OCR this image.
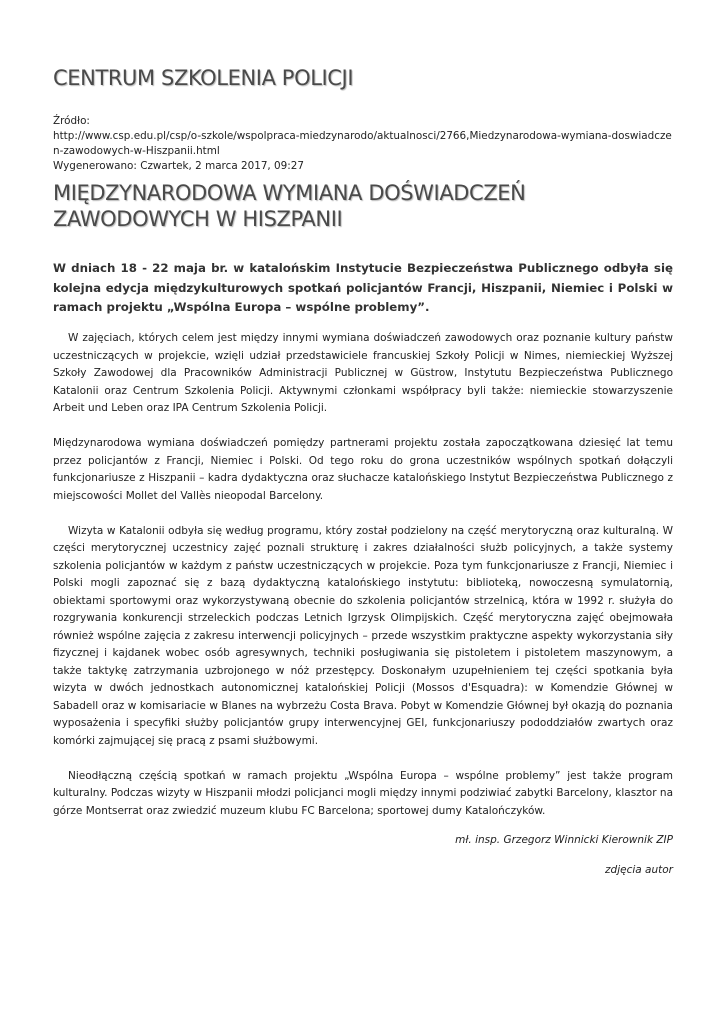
CENTRUM SZKOLENIA POLICJI
Źródło:
http://www.csp.edu.pl/csp/o-szkole/wspolpraca-miedzynarodo/aktualnosci/2766,Miedzynarodowa-wymiana-doswiadczen-zawodowych-w-Hiszpanii.html
Wygenerowano: Czwartek, 2 marca 2017, 09:27
MIĘDZYNARODOWA WYMIANA DOŚWIADCZEŃ ZAWODOWYCH W HISZPANII

W dniach 18 - 22 maja br. w katalońskim Instytucie Bezpieczeństwa Publicznego odbyła się kolejna edycja międzykulturowych spotkań policjantów Francji, Hiszpanii, Niemiec i Polski w ramach projektu „Wspólna Europa – wspólne problemy”.

W zajęciach, których celem jest między innymi wymiana doświadczeń zawodowych oraz poznanie kultury państw uczestniczących w projekcie, wzięli udział przedstawiciele francuskiej Szkoły Policji w Nimes, niemieckiej Wyższej Szkoły Zawodowej dla Pracowników Administracji Publicznej w Güstrow, Instytutu Bezpieczeństwa Publicznego Katalonii oraz Centrum Szkolenia Policji. Aktywnymi członkami współpracy byli także: niemieckie stowarzyszenie Arbeit und Leben oraz IPA Centrum Szkolenia Policji.

Międzynarodowa wymiana doświadczeń pomiędzy partnerami projektu została zapoczątkowana dziesięć lat temu przez policjantów z Francji, Niemiec i Polski. Od tego roku do grona uczestników wspólnych spotkań dołączyli funkcjonariusze z Hiszpanii – kadra dydaktyczna oraz słuchacze katalońskiego Instytut Bezpieczeństwa Publicznego z miejscowości Mollet del Vallès nieopodal Barcelony.

Wizyta w Katalonii odbyła się według programu, który został podzielony na część merytoryczną oraz kulturalną. W części merytorycznej uczestnicy zajęć poznali strukturę i zakres działalności służb policyjnych, a także systemy szkolenia policjantów w każdym z państw uczestniczących w projekcie. Poza tym funkcjonariusze z Francji, Niemiec i Polski mogli zapoznać się z bazą dydaktyczną katalońskiego instytutu: biblioteką, nowoczesną symulatornią, obiektami sportowymi oraz wykorzystywaną obecnie do szkolenia policjantów strzelnicą, która w 1992 r. służyła do rozgrywania konkurencji strzeleckich podczas Letnich Igrzysk Olimpijskich. Część merytoryczna zajęć obejmowała również wspólne zajęcia z zakresu interwencji policyjnych – przede wszystkim praktyczne aspekty wykorzystania siły fizycznej i kajdanek wobec osób agresywnych, techniki posługiwania się pistoletem i pistoletem maszynowym, a także taktykę zatrzymania uzbrojonego w nóż przestępcy. Doskonałym uzupełnieniem tej części spotkania była wizyta w dwóch jednostkach autonomicznej katalońskiej Policji (Mossos d'Esquadra): w Komendzie Głównej w Sabadell oraz w komisariacie w Blanes na wybrzeżu Costa Brava. Pobyt w Komendzie Głównej był okazją do poznania wyposażenia i specyfiki służby policjantów grupy interwencyjnej GEI, funkcjonariuszy pododdziałów zwartych oraz komórki zajmującej się pracą z psami służbowymi.

Nieodłączną częścią spotkań w ramach projektu „Wspólna Europa – wspólne problemy” jest także program kulturalny. Podczas wizyty w Hiszpanii młodzi policjanci mogli między innymi podziwiać zabytki Barcelony, klasztor na górze Montserrat oraz zwiedzić muzeum klubu FC Barcelona; sportowej dumy Katalończyków.

mł. insp. Grzegorz Winnicki Kierownik ZIP
zdjęcia autor
